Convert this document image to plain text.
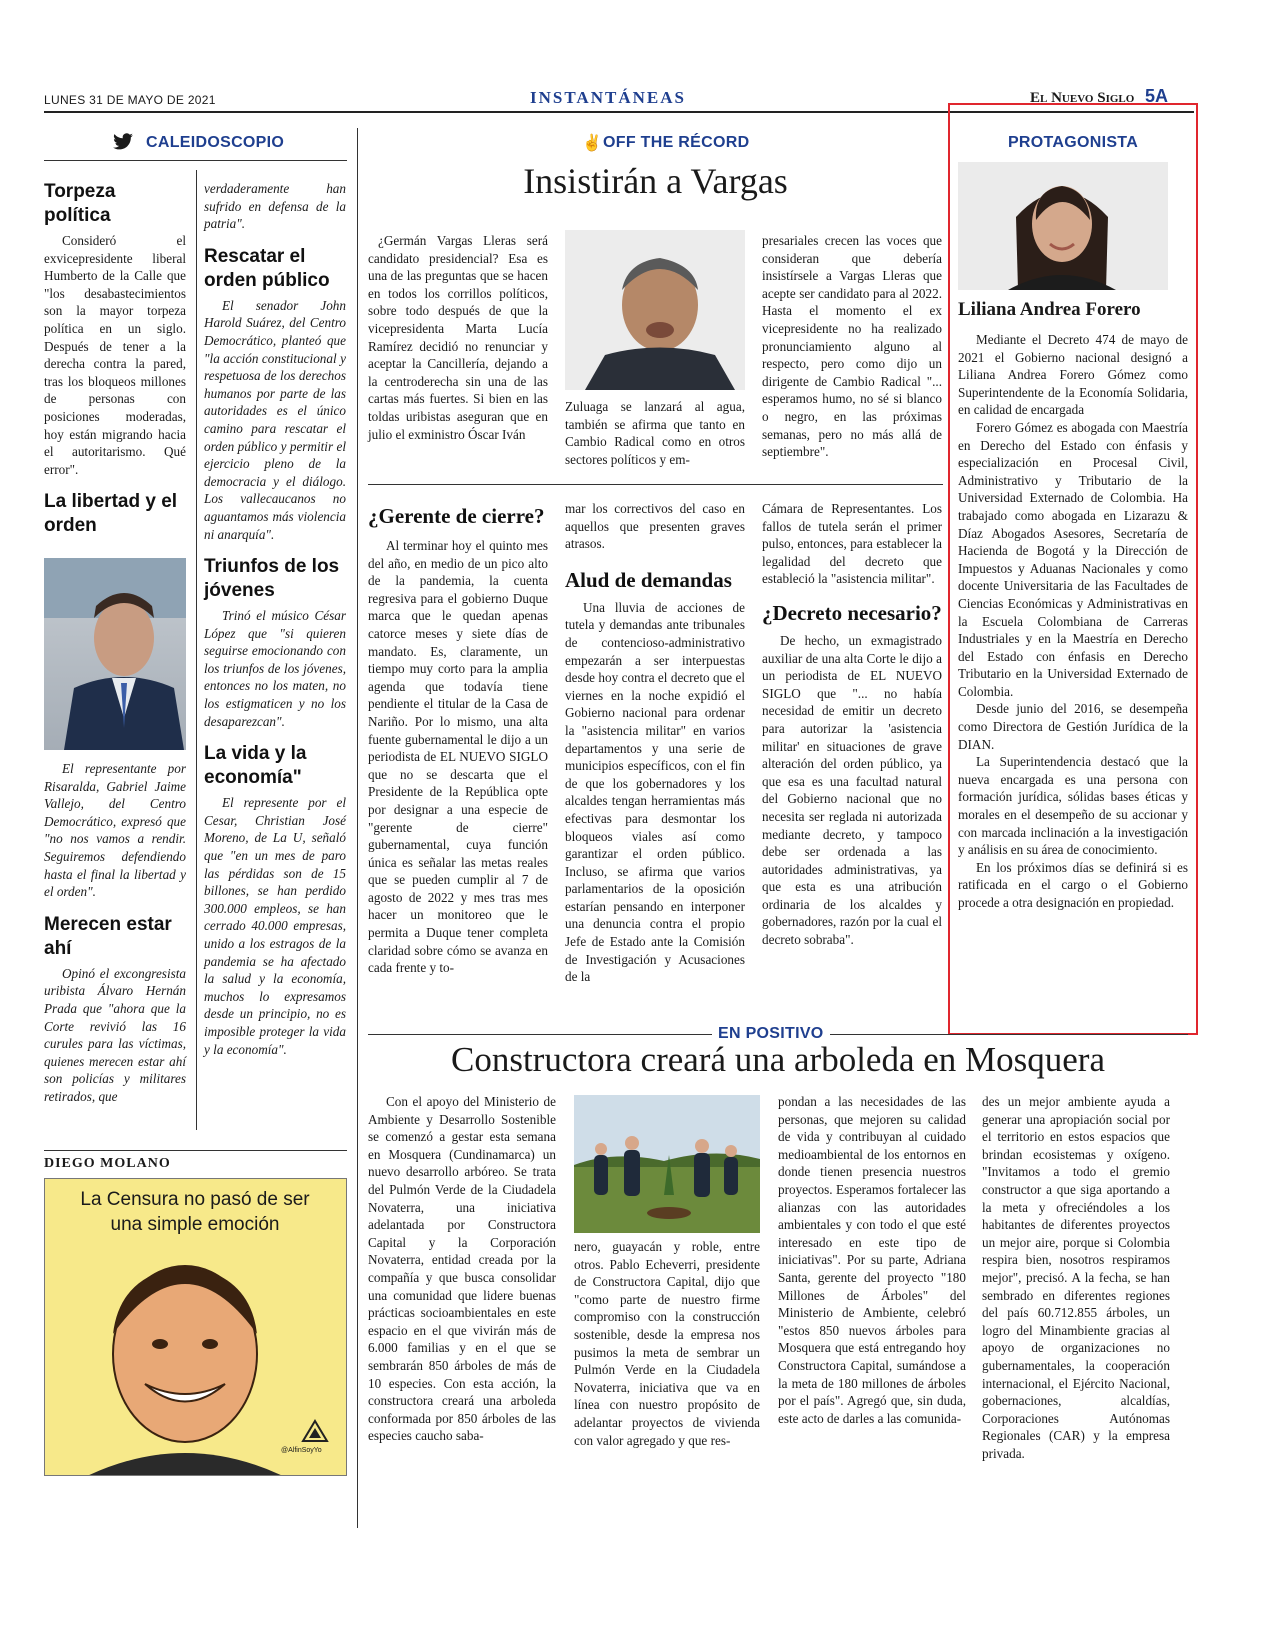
LUNES 31 DE MAYO DE 2021	INSTANTÁNEAS	El Nuevo Siglo 5A
CALEIDOSCOPIO
Torpeza política
Consideró el exvicepresidente liberal Humberto de la Calle que "los desabastecimientos son la mayor torpeza política en un siglo. Después de tener a la derecha contra la pared, tras los bloqueos millones de personas con posiciones moderadas, hoy están migrando hacia el autoritarismo. Qué error".
La libertad y el orden
El representante por Risaralda, Gabriel Jaime Vallejo, del Centro Democrático, expresó que "no nos vamos a rendir. Seguiremos defendiendo hasta el final la libertad y el orden".
Merecen estar ahí
Opinó el excongresista uribista Álvaro Hernán Prada que "ahora que la Corte revivió las 16 curules para las víctimas, quienes merecen estar ahí son policías y militares retirados, que
verdaderamente han sufrido en defensa de la patria".
Rescatar el orden público
El senador John Harold Suárez, del Centro Democrático, planteó que "la acción constitucional y respetuosa de los derechos humanos por parte de las autoridades es el único camino para rescatar el orden público y permitir el ejercicio pleno de la democracia y el diálogo. Los vallecaucanos no aguantamos más violencia ni anarquía".
Triunfos de los jóvenes
Trinó el músico César López que "si quieren seguirse emocionando con los triunfos de los jóvenes, entonces no los maten, no los estigmaticen y no los desaparezcan".
La vida y la economía"
El represente por el Cesar, Christian José Moreno, de La U, señaló que "en un mes de paro las pérdidas son de 15 billones, se han perdido 300.000 empleos, se han cerrado 40.000 empresas, unido a los estragos de la pandemia se ha afectado la salud y la economía, muchos lo expresamos desde un principio, no es imposible proteger la vida y la economía".
✌ OFF THE RÉCORD
Insistirán a Vargas
¿Germán Vargas Lleras será candidato presidencial? Esa es una de las preguntas que se hacen en todos los corrillos políticos, sobre todo después de que la vicepresidenta Marta Lucía Ramírez decidió no renunciar y aceptar la Cancillería, dejando a la centroderecha sin una de las cartas más fuertes. Si bien en las toldas uribistas aseguran que en julio el exministro Óscar Iván
Zuluaga se lanzará al agua, también se afirma que tanto en Cambio Radical como en otros sectores políticos y em-
presariales crecen las voces que consideran que debería insistírsele a Vargas Lleras que acepte ser candidato para al 2022. Hasta el momento el ex vicepresidente no ha realizado pronunciamiento alguno al respecto, pero como dijo un dirigente de Cambio Radical "... esperamos humo, no sé si blanco o negro, en las próximas semanas, pero no más allá de septiembre".
¿Gerente de cierre?
Al terminar hoy el quinto mes del año, en medio de un pico alto de la pandemia, la cuenta regresiva para el gobierno Duque marca que le quedan apenas catorce meses y siete días de mandato. Es, claramente, un tiempo muy corto para la amplia agenda que todavía tiene pendiente el titular de la Casa de Nariño. Por lo mismo, una alta fuente gubernamental le dijo a un periodista de EL NUEVO SIGLO que no se descarta que el Presidente de la República opte por designar a una especie de "gerente de cierre" gubernamental, cuya función única es señalar las metas reales que se pueden cumplir al 7 de agosto de 2022 y mes tras mes hacer un monitoreo que le permita a Duque tener completa claridad sobre cómo se avanza en cada frente y to-
mar los correctivos del caso en aquellos que presenten graves atrasos.
Alud de demandas
Una lluvia de acciones de tutela y demandas ante tribunales de contencioso-administrativo empezarán a ser interpuestas desde hoy contra el decreto que el viernes en la noche expidió el Gobierno nacional para ordenar la "asistencia militar" en varios departamentos y una serie de municipios específicos, con el fin de que los gobernadores y los alcaldes tengan herramientas más efectivas para desmontar los bloqueos viales así como garantizar el orden público. Incluso, se afirma que varios parlamentarios de la oposición estarían pensando en interponer una denuncia contra el propio Jefe de Estado ante la Comisión de Investigación y Acusaciones de la
Cámara de Representantes. Los fallos de tutela serán el primer pulso, entonces, para establecer la legalidad del decreto que estableció la "asistencia militar".
¿Decreto necesario?
De hecho, un exmagistrado auxiliar de una alta Corte le dijo a un periodista de EL NUEVO SIGLO que "... no había necesidad de emitir un decreto para autorizar la 'asistencia militar' en situaciones de grave alteración del orden público, ya que esa es una facultad natural del Gobierno nacional que no necesita ser reglada ni autorizada mediante decreto, y tampoco debe ser ordenada a las autoridades administrativas, ya que esta es una atribución ordinaria de los alcaldes y gobernadores, razón por la cual el decreto sobraba".
PROTAGONISTA
Liliana Andrea Forero
Mediante el Decreto 474 de mayo de 2021 el Gobierno nacional designó a Liliana Andrea Forero Gómez como Superintendente de la Economía Solidaria, en calidad de encargada
Forero Gómez es abogada con Maestría en Derecho del Estado con énfasis y especialización en Procesal Civil, Administrativo y Tributario de la Universidad Externado de Colombia. Ha trabajado como abogada en Lizarazu & Díaz Abogados Asesores, Secretaría de Hacienda de Bogotá y la Dirección de Impuestos y Aduanas Nacionales y como docente Universitaria de las Facultades de Ciencias Económicas y Administrativas en la Escuela Colombiana de Carreras Industriales y en la Maestría en Derecho del Estado con énfasis en Derecho Tributario en la Universidad Externado de Colombia.
Desde junio del 2016, se desempeña como Directora de Gestión Jurídica de la DIAN.
La Superintendencia destacó que la nueva encargada es una persona con formación jurídica, sólidas bases éticas y morales en el desempeño de su accionar y con marcada inclinación a la investigación y análisis en su área de conocimiento.
En los próximos días se definirá si es ratificada en el cargo o el Gobierno procede a otra designación en propiedad.
DIEGO MOLANO
La Censura no pasó de ser una simple emoción
@AlfinSoyYo
EN POSITIVO
Constructora creará una arboleda en Mosquera
Con el apoyo del Ministerio de Ambiente y Desarrollo Sostenible se comenzó a gestar esta semana en Mosquera (Cundinamarca) un nuevo desarrollo arbóreo. Se trata del Pulmón Verde de la Ciudadela Novaterra, una iniciativa adelantada por Constructora Capital y la Corporación Novaterra, entidad creada por la compañía y que busca consolidar una comunidad que lidere buenas prácticas socioambientales en este espacio en el que vivirán más de 6.000 familias y en el que se sembrarán 850 árboles de más de 10 especies. Con esta acción, la constructora creará una arboleda conformada por 850 árboles de las especies caucho saba-
nero, guayacán y roble, entre otros. Pablo Echeverri, presidente de Constructora Capital, dijo que "como parte de nuestro firme compromiso con la construcción sostenible, desde la empresa nos pusimos la meta de sembrar un Pulmón Verde en la Ciudadela Novaterra, iniciativa que va en línea con nuestro propósito de adelantar proyectos de vivienda con valor agregado y que res-
pondan a las necesidades de las personas, que mejoren su calidad de vida y contribuyan al cuidado medioambiental de los entornos en donde tienen presencia nuestros proyectos. Esperamos fortalecer las alianzas con las autoridades ambientales y con todo el que esté interesado en este tipo de iniciativas". Por su parte, Adriana Santa, gerente del proyecto "180 Millones de Árboles" del Ministerio de Ambiente, celebró "estos 850 nuevos árboles para Mosquera que está entregando hoy Constructora Capital, sumándose a la meta de 180 millones de árboles por el país". Agregó que, sin duda, este acto de darles a las comunida-
des un mejor ambiente ayuda a generar una apropiación social por el territorio en estos espacios que brindan ecosistemas y oxígeno. "Invitamos a todo el gremio constructor a que siga aportando a la meta y ofreciéndoles a los habitantes de diferentes proyectos un mejor aire, porque si Colombia respira bien, nosotros respiramos mejor", precisó. A la fecha, se han sembrado en diferentes regiones del país 60.712.855 árboles, un logro del Minambiente gracias al apoyo de organizaciones no gubernamentales, la cooperación internacional, el Ejército Nacional, gobernaciones, alcaldías, Corporaciones Autónomas Regionales (CAR) y la empresa privada.
